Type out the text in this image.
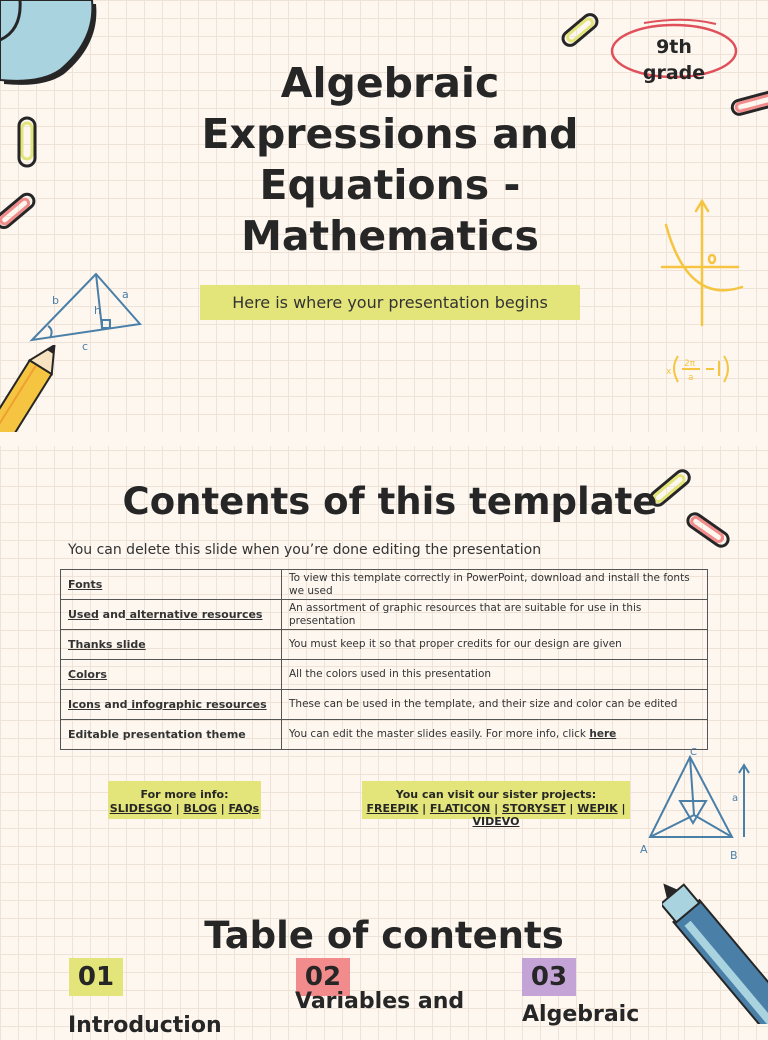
9th
grade
Algebraic Expressions and Equations - Mathematics
Here is where your presentation begins
2π
a
x
a
b
h
c
Contents of this template
You can delete this slide when you’re done editing the presentation
Fonts	To view this template correctly in PowerPoint, download and install the fonts we used
Used and alternative resources	An assortment of graphic resources that are suitable for use in this presentation
Thanks slide	You must keep it so that proper credits for our design are given
Colors	All the colors used in this presentation
Icons and infographic resources	These can be used in the template, and their size and color can be edited
Editable presentation theme	You can edit the master slides easily. For more info, click here
For more info:
SLIDESGO | BLOG | FAQs
You can visit our sister projects:
FREEPIK | FLATICON | STORYSET | WEPIK | VIDEVO
C
A	B
a
Table of contents
01	02	03
Introduction
Variables and
Algebraic
